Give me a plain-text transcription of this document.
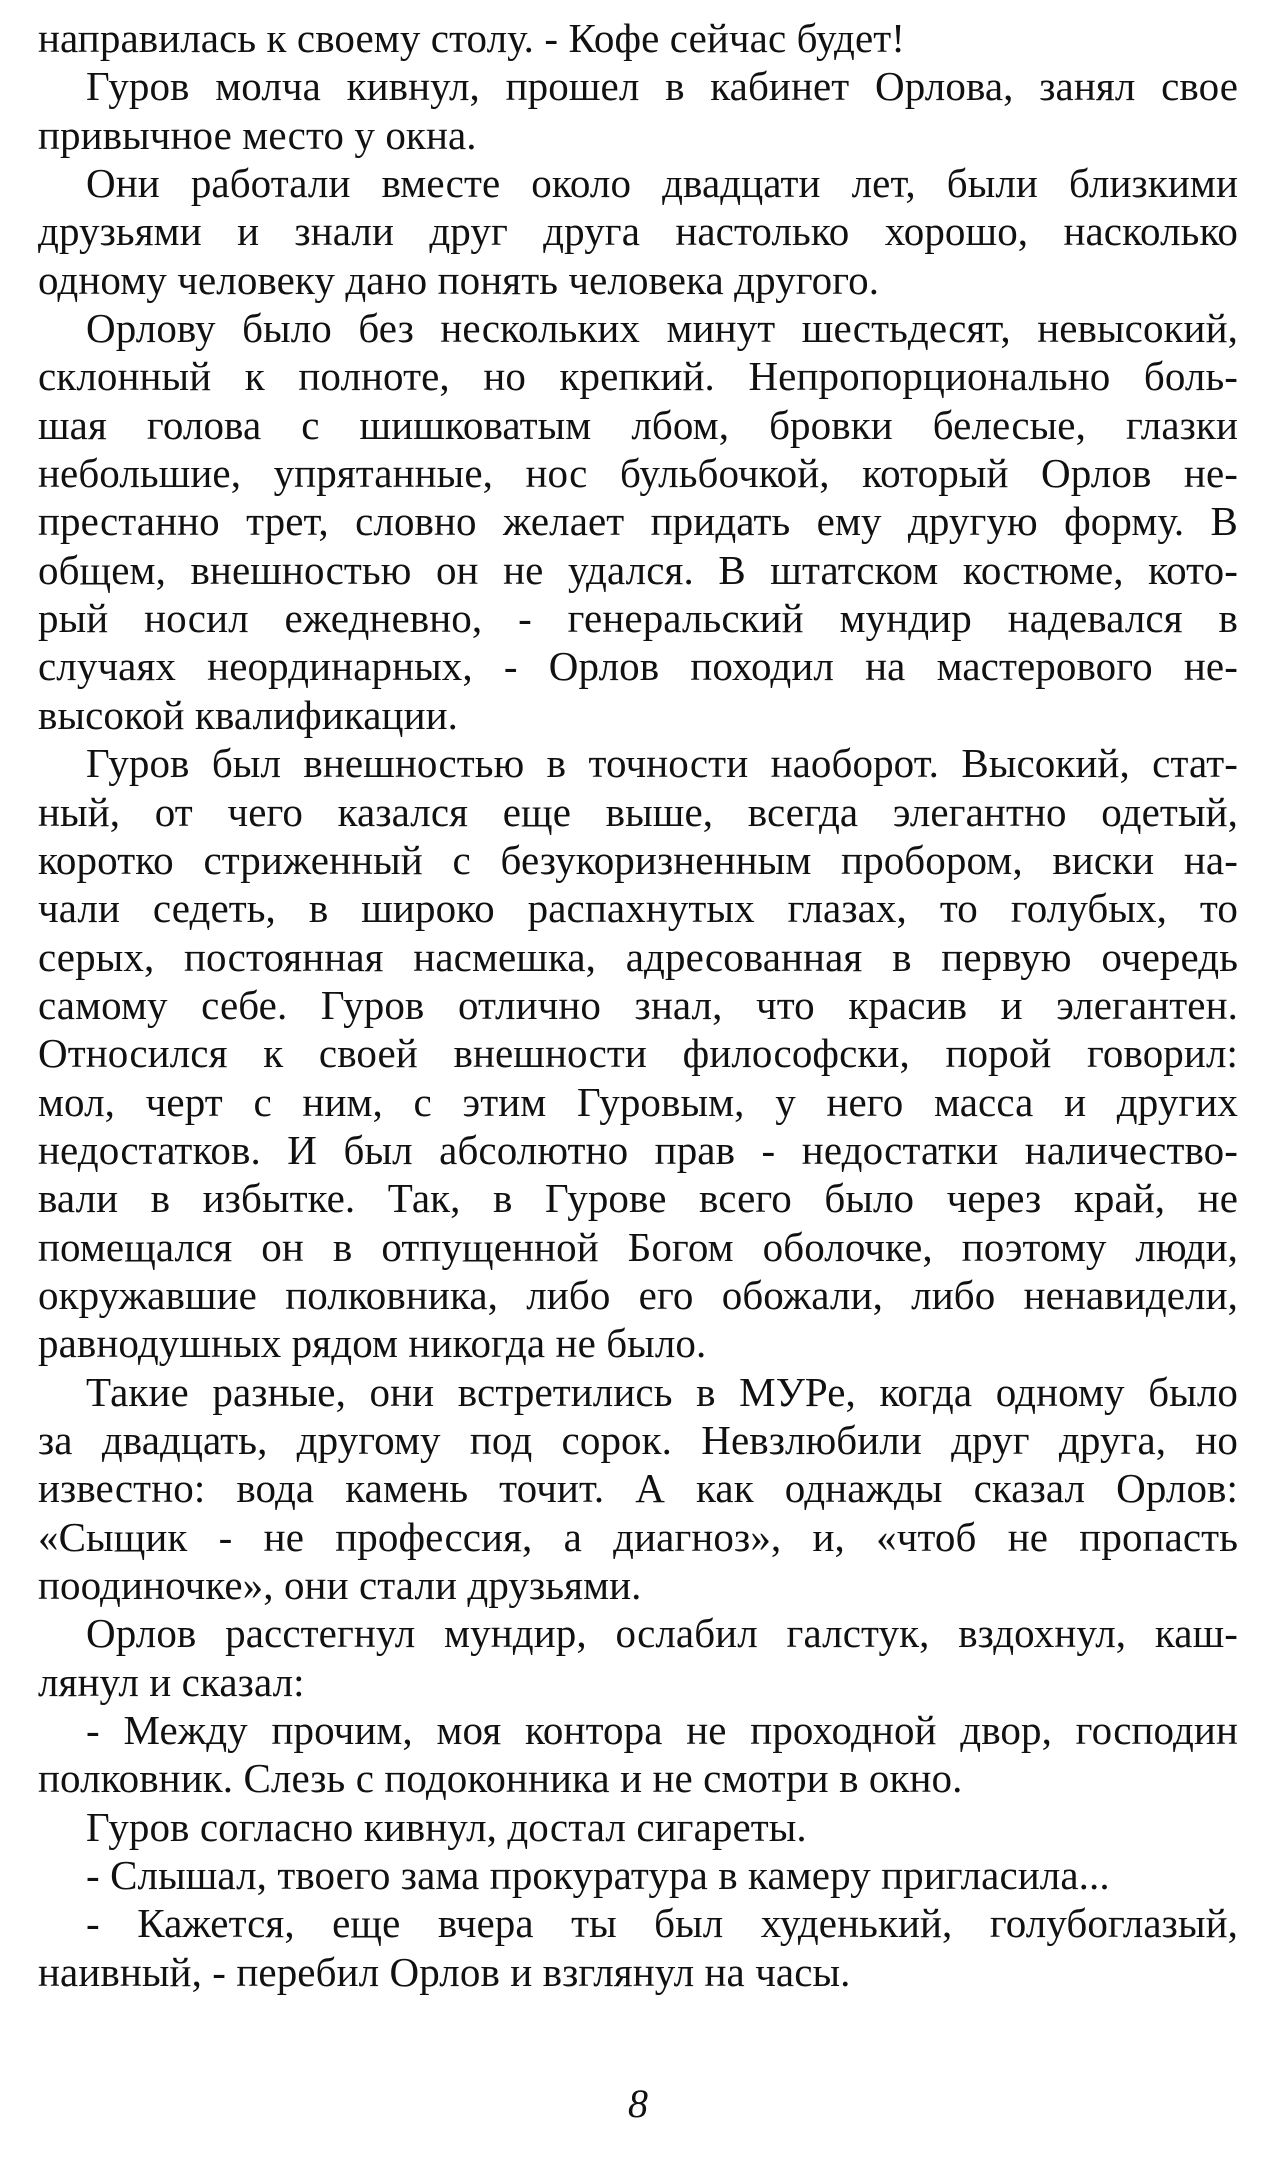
направилась к своему столу. - Кофе сейчас будет!
Гуров молча кивнул, прошел в кабинет Орлова, занял свое
привычное место у окна.
Они работали вместе около двадцати лет, были близкими
друзьями и знали друг друга настолько хорошо, насколько
одному человеку дано понять человека другого.
Орлову было без нескольких минут шестьдесят, невысокий,
склонный к полноте, но крепкий. Непропорционально боль-
шая голова с шишковатым лбом, бровки белесые, глазки
небольшие, упрятанные, нос бульбочкой, который Орлов не-
престанно трет, словно желает придать ему другую форму. В
общем, внешностью он не удался. В штатском костюме, кото-
рый носил ежедневно, - генеральский мундир надевался в
случаях неординарных, - Орлов походил на мастерового не-
высокой квалификации.
Гуров был внешностью в точности наоборот. Высокий, стат-
ный, от чего казался еще выше, всегда элегантно одетый,
коротко стриженный с безукоризненным пробором, виски на-
чали седеть, в широко распахнутых глазах, то голубых, то
серых, постоянная насмешка, адресованная в первую очередь
самому себе. Гуров отлично знал, что красив и элегантен.
Относился к своей внешности философски, порой говорил:
мол, черт с ним, с этим Гуровым, у него масса и других
недостатков. И был абсолютно прав - недостатки наличество-
вали в избытке. Так, в Гурове всего было через край, не
помещался он в отпущенной Богом оболочке, поэтому люди,
окружавшие полковника, либо его обожали, либо ненавидели,
равнодушных рядом никогда не было.
Такие разные, они встретились в МУРе, когда одному было
за двадцать, другому под сорок. Невзлюбили друг друга, но
известно: вода камень точит. А как однажды сказал Орлов:
«Сыщик - не профессия, а диагноз», и, «чтоб не пропасть
поодиночке», они стали друзьями.
Орлов расстегнул мундир, ослабил галстук, вздохнул, каш-
лянул и сказал:
- Между прочим, моя контора не проходной двор, господин
полковник. Слезь с подоконника и не смотри в окно.
Гуров согласно кивнул, достал сигареты.
- Слышал, твоего зама прокуратура в камеру пригласила...
- Кажется, еще вчера ты был худенький, голубоглазый,
наивный, - перебил Орлов и взглянул на часы.
8
